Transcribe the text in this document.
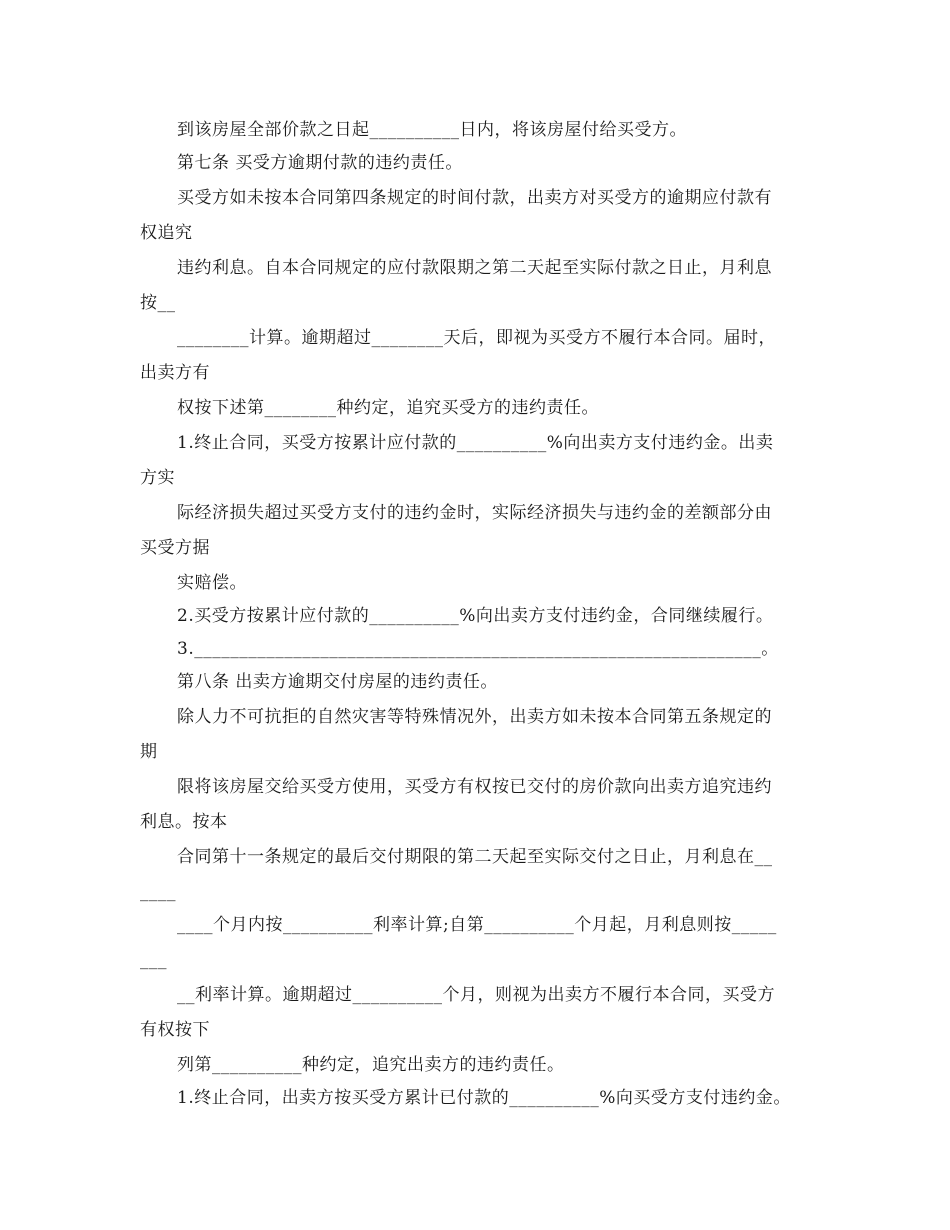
到该房屋全部价款之日起__________日内，将该房屋付给买受方。
第七条 买受方逾期付款的违约责任。
买受方如未按本合同第四条规定的时间付款，出卖方对买受方的逾期应付款有
权追究
违约利息。自本合同规定的应付款限期之第二天起至实际付款之日止，月利息
按__
________计算。逾期超过________天后，即视为买受方不履行本合同。届时，
出卖方有
权按下述第________种约定，追究买受方的违约责任。
1.终止合同，买受方按累计应付款的__________%向出卖方支付违约金。出卖
方实
际经济损失超过买受方支付的违约金时，实际经济损失与违约金的差额部分由
买受方据
实赔偿。
2.买受方按累计应付款的__________%向出卖方支付违约金，合同继续履行。
3._______________________________________________________________。
第八条 出卖方逾期交付房屋的违约责任。
除人力不可抗拒的自然灾害等特殊情况外，出卖方如未按本合同第五条规定的
期
限将该房屋交给买受方使用，买受方有权按已交付的房价款向出卖方追究违约
利息。按本
合同第十一条规定的最后交付期限的第二天起至实际交付之日止，月利息在__
____
____个月内按__________利率计算;自第__________个月起，月利息则按_____
___
__利率计算。逾期超过__________个月，则视为出卖方不履行本合同，买受方
有权按下
列第__________种约定，追究出卖方的违约责任。
1.终止合同，出卖方按买受方累计已付款的__________%向买受方支付违约金。
